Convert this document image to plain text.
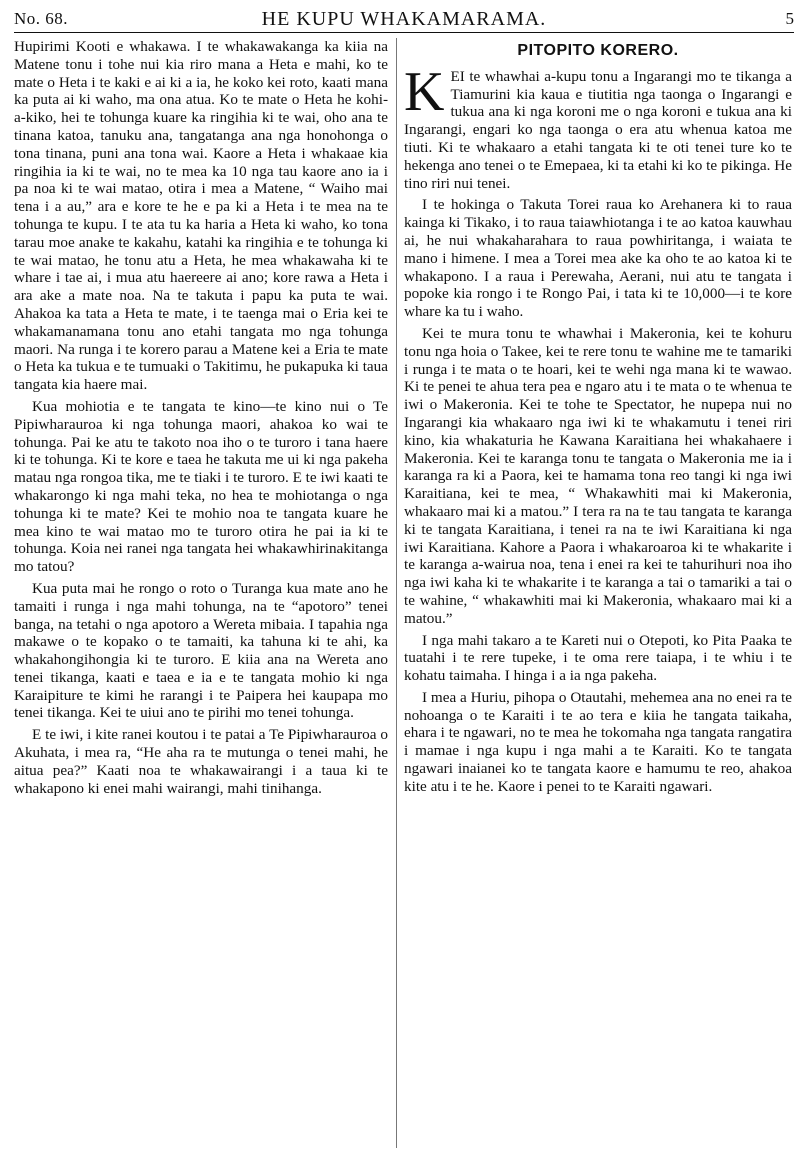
No. 68.	HE KUPU WHAKAMARAMA.	5

Hupirimi Kooti e whakawa. I te whakawakanga ka kiia na Matene tonu i tohe nui kia riro mana a Heta e mahi, ko te mate o Heta i te kaki e ai ki a ia, he koko kei roto, kaati mana ka puta ai ki waho, ma ona atua. Ko te mate o Heta he kohi-a-kiko, hei te tohunga kuare ka ringihia ki te wai, oho ana te tinana katoa, tanuku ana, tangatanga ana nga honohonga o tona tinana, puni ana tona wai. Kaore a Heta i whakaae kia ringihia ia ki te wai, no te mea ka 10 nga tau kaore ano ia i pa noa ki te wai matao, otira i mea a Matene, “ Waiho mai tena i a au,” ara e kore te he e pa ki a Heta i te mea na te tohunga te kupu. I te ata tu ka haria a Heta ki waho, ko tona tarau moe anake te kakahu, katahi ka ringihia e te tohunga ki te wai matao, he tonu atu a Heta, he mea whakawaha ki te whare i tae ai, i mua atu haereere ai ano; kore rawa a Heta i ara ake a mate noa. Na te takuta i papu ka puta te wai. Ahakoa ka tata a Heta te mate, i te taenga mai o Eria kei te whakamanamana tonu ano etahi tangata mo nga tohunga maori. Na runga i te korero parau a Matene kei a Eria te mate o Heta ka tukua e te tumuaki o Takitimu, he pukapuka ki taua tangata kia haere mai.

Kua mohiotia e te tangata te kino—te kino nui o Te Pipiwharauroa ki nga tohunga maori, ahakoa ko wai te tohunga. Pai ke atu te takoto noa iho o te turoro i tana haere ki te tohunga. Ki te kore e taea he takuta me ui ki nga pakeha matau nga rongoa tika, me te tiaki i te turoro. E te iwi kaati te whakarongo ki nga mahi teka, no hea te mohiotanga o nga tohunga ki te mate? Kei te mohio noa te tangata kuare he mea kino te wai matao mo te turoro otira he pai ia ki te tohunga. Koia nei ranei nga tangata hei whakawhirinakitanga mo tatou?

Kua puta mai he rongo o roto o Turanga kua mate ano he tamaiti i runga i nga mahi tohunga, na te “apotoro” tenei banga, na tetahi o nga apotoro a Wereta mibaia. I tapahia nga makawe o te kopako o te tamaiti, ka tahuna ki te ahi, ka whakahongihongia ki te turoro. E kiia ana na Wereta ano tenei tikanga, kaati e taea e ia e te tangata mohio ki nga Karaipiture te kimi he rarangi i te Paipera hei kaupapa mo tenei tikanga. Kei te uiui ano te pirihi mo tenei tohunga.

E te iwi, i kite ranei koutou i te patai a Te Pipiwharauroa o Akuhata, i mea ra, “He aha ra te mutunga o tenei mahi, he aitua pea?” Kaati noa te whakawairangi i a taua ki te whakapono ki enei mahi wairangi, mahi tinihanga.

PITOPITO KORERO.

KEI te whawhai a-kupu tonu a Ingarangi mo te tikanga a Tiamurini kia kaua e tiutitia nga taonga o Ingarangi e tukua ana ki nga koroni me o nga koroni e tukua ana ki Ingarangi, engari ko nga taonga o era atu whenua katoa me tiuti. Ki te whakaaro a etahi tangata ki te oti tenei ture ko te hekenga ano tenei o te Emepaea, ki ta etahi ki ko te pikinga. He tino riri nui tenei.

I te hokinga o Takuta Torei raua ko Arehanera ki to raua kainga ki Tikako, i to raua taiawhiotanga i te ao katoa kauwhau ai, he nui whakaharahara to raua powhiritanga, i waiata te mano i himene. I mea a Torei mea ake ka oho te ao katoa ki te whakapono. I a raua i Perewaha, Aerani, nui atu te tangata i popoke kia rongo i te Rongo Pai, i tata ki te 10,000—i te kore whare ka tu i waho.

Kei te mura tonu te whawhai i Makeronia, kei te kohuru tonu nga hoia o Takee, kei te rere tonu te wahine me te tamariki i runga i te mata o te hoari, kei te wehi nga mana ki te wawao. Ki te penei te ahua tera pea e ngaro atu i te mata o te whenua te iwi o Makeronia. Kei te tohe te Spectator, he nupepa nui no Ingarangi kia whakaaro nga iwi ki te whakamutu i tenei riri kino, kia whakaturia he Kawana Karaitiana hei whakahaere i Makeronia. Kei te karanga tonu te tangata o Makeronia me ia i karanga ra ki a Paora, kei te hamama tona reo tangi ki nga iwi Karaitiana, kei te mea, “ Whakawhiti mai ki Makeronia, whakaaro mai ki a matou.” I tera ra na te tau tangata te karanga ki te tangata Karaitiana, i tenei ra na te iwi Karaitiana ki nga iwi Karaitiana. Kahore a Paora i whakaroaroa ki te whakarite i te karanga a-wairua noa, tena i enei ra kei te tahurihuri noa iho nga iwi kaha ki te whakarite i te karanga a tai o tamariki a tai o te wahine, “ whakawhiti mai ki Makeronia, whakaaro mai ki a matou.”

I nga mahi takaro a te Kareti nui o Otepoti, ko Pita Paaka te tuatahi i te rere tupeke, i te oma rere taiapa, i te whiu i te kohatu taimaha. I hinga i a ia nga pakeha.

I mea a Huriu, pihopa o Otautahi, mehemea ana no enei ra te nohoanga o te Karaiti i te ao tera e kiia he tangata taikaha, ehara i te ngawari, no te mea he tokomaha nga tangata rangatira i mamae i nga kupu i nga mahi a te Karaiti. Ko te tangata ngawari inaianei ko te tangata kaore e hamumu te reo, ahakoa kite atu i te he. Kaore i penei to te Karaiti ngawari.
